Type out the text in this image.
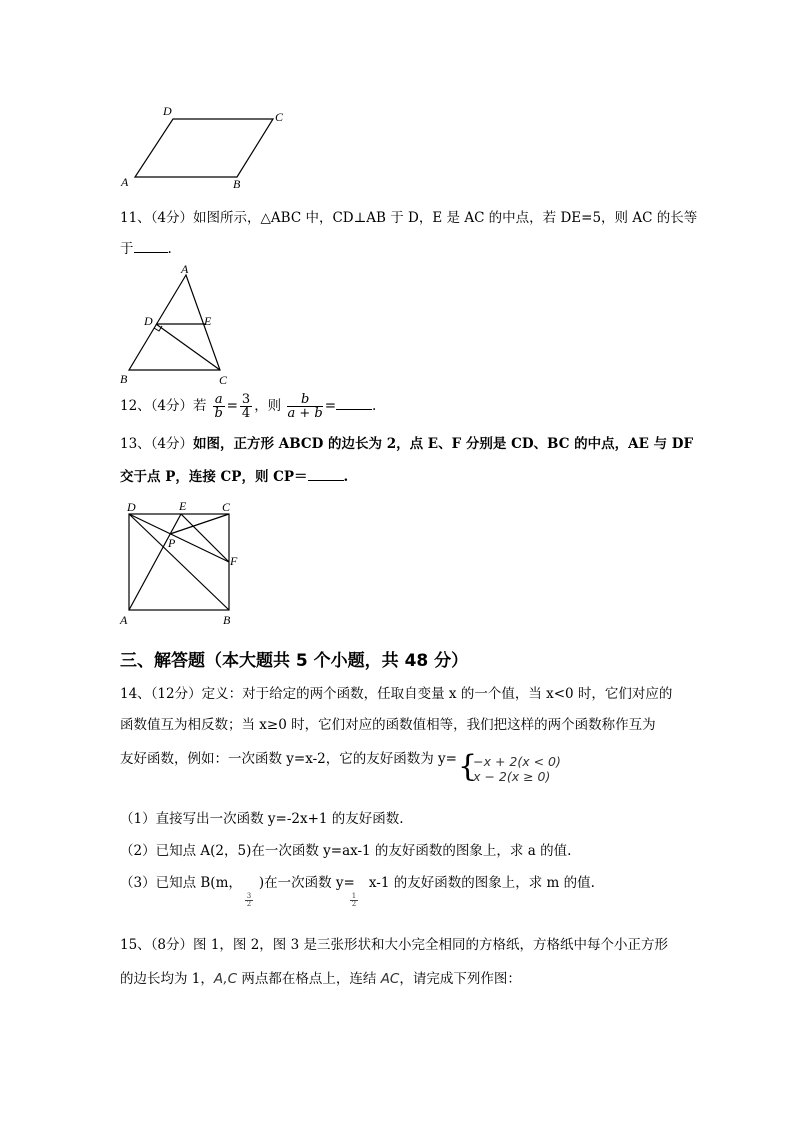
D	C
A	B
11、（4分）如图所示，△ABC 中，CD⊥AB 于 D，E 是 AC 的中点，若 DE=5，则 AC 的长等
于	.
A
D	E
B	C
12、（4分）若 $\frac{a}{b} = \frac{3}{4}$ ，则 $\frac{b}{a + b}$ =	.
13、（4分）如图，正方形 ABCD 的边长为 2，点 E、F 分别是 CD、BC 的中点，AE 与 DF
交于点 P，连接 CP，则 CP＝	.
D	E	C
P
F
A	B
三、解答题（本大题共 5 个小题，共 48 分）
14、（12分）定义：对于给定的两个函数，任取自变量 x 的一个值，当 x<0 时，它们对应的
函数值互为相反数；当 x≥0 时，它们对应的函数值相等，我们把这样的两个函数称作互为
友好函数，例如：一次函数 y=x-2，它的友好函数为 y= {

−x + 2(x < 0)
x − 2(x ≥ 0)
（1）直接写出一次函数 y=-2x+1 的友好函数.
（2）已知点 A(2，5)在一次函数 y=ax-1 的友好函数的图象上，求 a 的值.
（3）已知点 B(m， )在一次函数 y= x-1 的友好函数的图象上，求 m 的值.
3
2
1
2
15、（8分）图 1，图 2，图 3 是三张形状和大小完全相同的方格纸，方格纸中每个小正方形
的边长均为 1，A,C 两点都在格点上，连结 AC，请完成下列作图：
